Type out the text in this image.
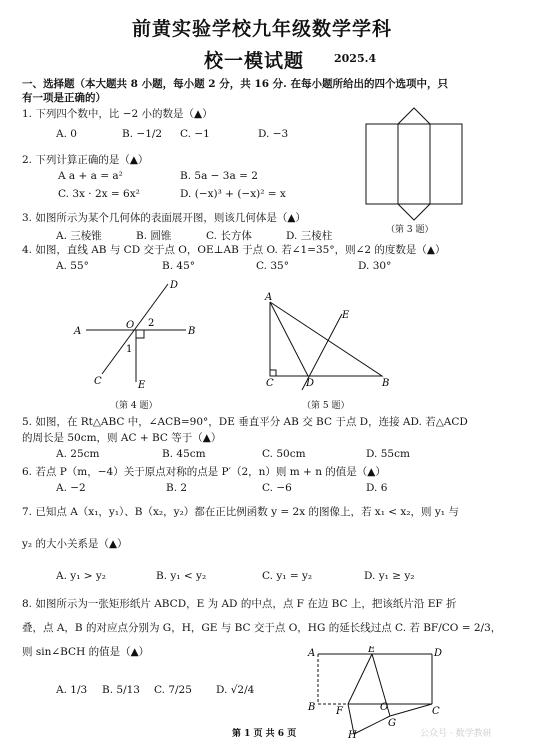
前黄实验学校九年级数学学科
校一模试题	2025.4
一、选择题（本大题共 8 小题，每小题 2 分，共 16 分. 在每小题所给出的四个选项中，只
有一项是正确的）
1. 下列四个数中，比 −2 小的数是（▲）
A. 0	B. −1/2 C. −1	D. −3
2. 下列计算正确的是（▲）
A a + a = a²	B. 5a − 3a = 2
C. 3x · 2x = 6x²	D. (−x)³ + (−x)² = x
3. 如图所示为某个几何体的表面展开图，则该几何体是（▲）
A. 三棱锥	B. 圆锥	C. 长方体	D. 三棱柱	（第 3 题）
4. 如图，直线 AB 与 CD 交于点 O，OE⊥AB 于点 O. 若∠1=35°，则∠2 的度数是（▲）
A. 55°	B. 45°	C. 35°	D. 30°
A	B
D
C	E
O 2
1
（第 4 题）
A
C	D	B
E
（第 5 题）
5. 如图，在 Rt△ABC 中，∠ACB=90°，DE 垂直平分 AB 交 BC 于点 D，连接 AD. 若△ACD
的周长是 50cm，则 AC + BC 等于（▲）
A. 25cm	B. 45cm	C. 50cm	D. 55cm
6. 若点 P（m，−4）关于原点对称的点是 P′（2，n）则 m + n 的值是（▲）
A. −2	B. 2	C. −6	D. 6
7. 已知点 A（x₁，y₁）、B（x₂，y₂）都在正比例函数 y = 2x 的图像上，若 x₁ < x₂，则 y₁ 与
y₂ 的大小关系是（▲）
A. y₁ > y₂	B. y₁ < y₂	C. y₁ = y₂	D. y₁ ≥ y₂
8. 如图所示为一张矩形纸片 ABCD，E 为 AD 的中点，点 F 在边 BC 上，把该纸片沿 EF 折
叠，点 A，B 的对应点分别为 G，H，GE 与 BC 交于点 O，HG 的延长线过点 C. 若 BF/CO = 2/3，
则 sin∠BCH 的值是（▲）
A. 1/3 B. 5/13 C. 7/25 D. √2/4
A	E	D
B F	O
G
C
H
第 1 页 共 6 页	公众号 · 数学教研
